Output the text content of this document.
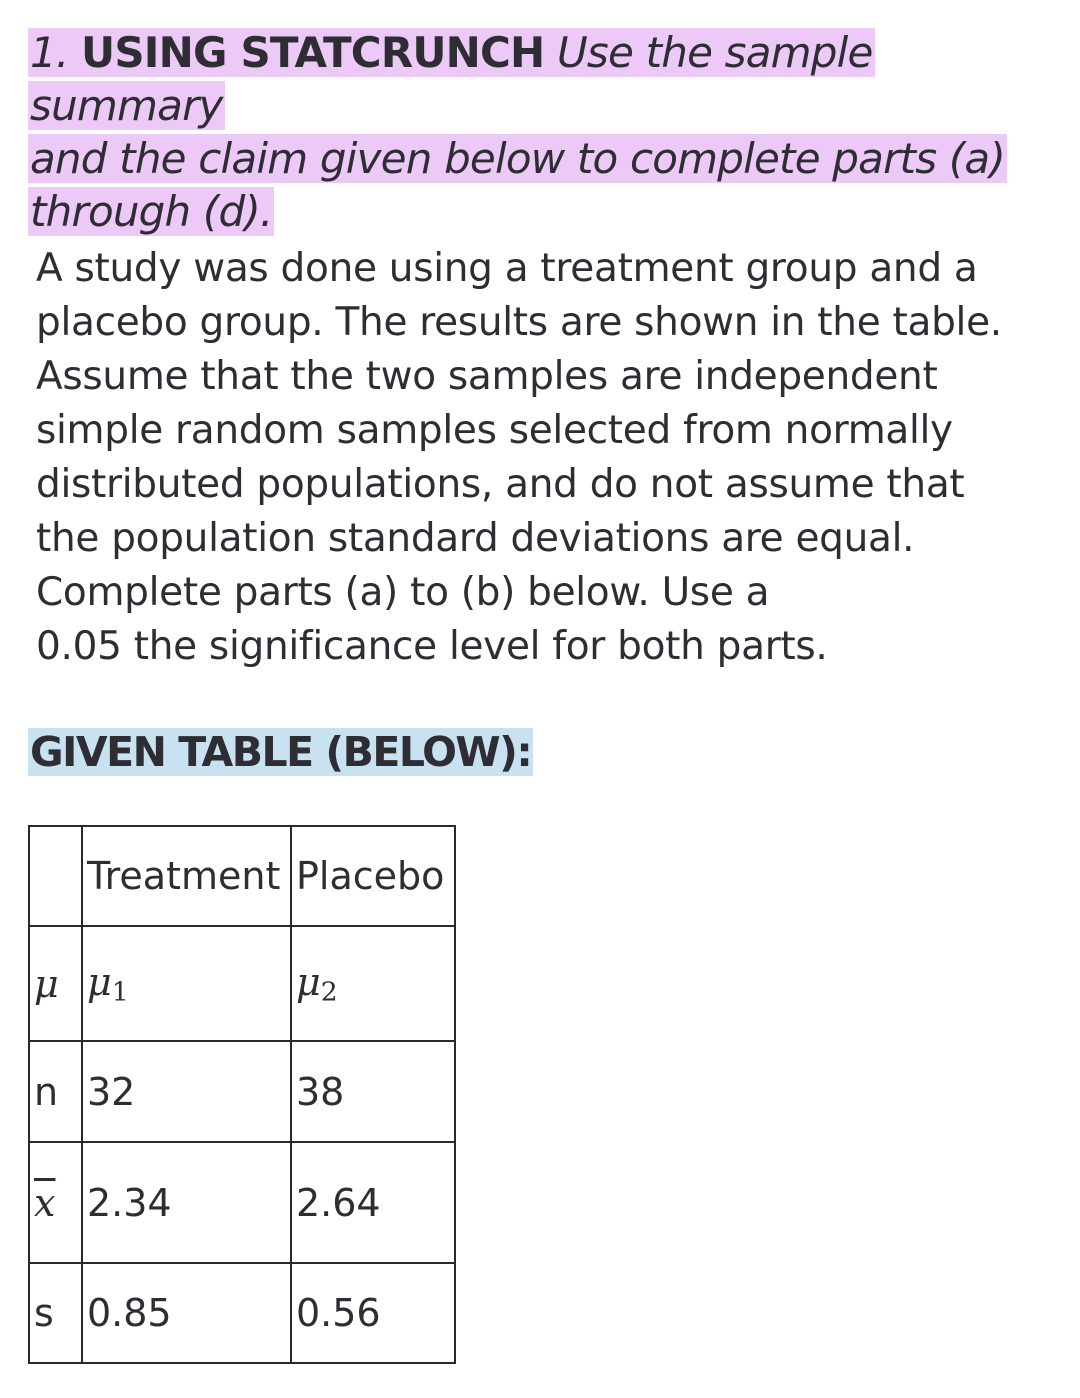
1. USING STATCRUNCH Use the sample summary
and the claim given below to complete parts (a)
through (d).
A study was done using a treatment group and a
placebo group. The results are shown in the table.
Assume that the two samples are independent
simple random samples selected from normally
distributed populations, and do not assume that
the population standard deviations are equal.
Complete parts (a) to (b) below. Use a
0.05 the significance level for both parts.
GIVEN TABLE (BELOW):
	Treatment	Placebo
μ	$\mu_1$	$\mu_2$
n	32	38
$\overline{x}$	2.34	2.64
s	0.85	0.56
